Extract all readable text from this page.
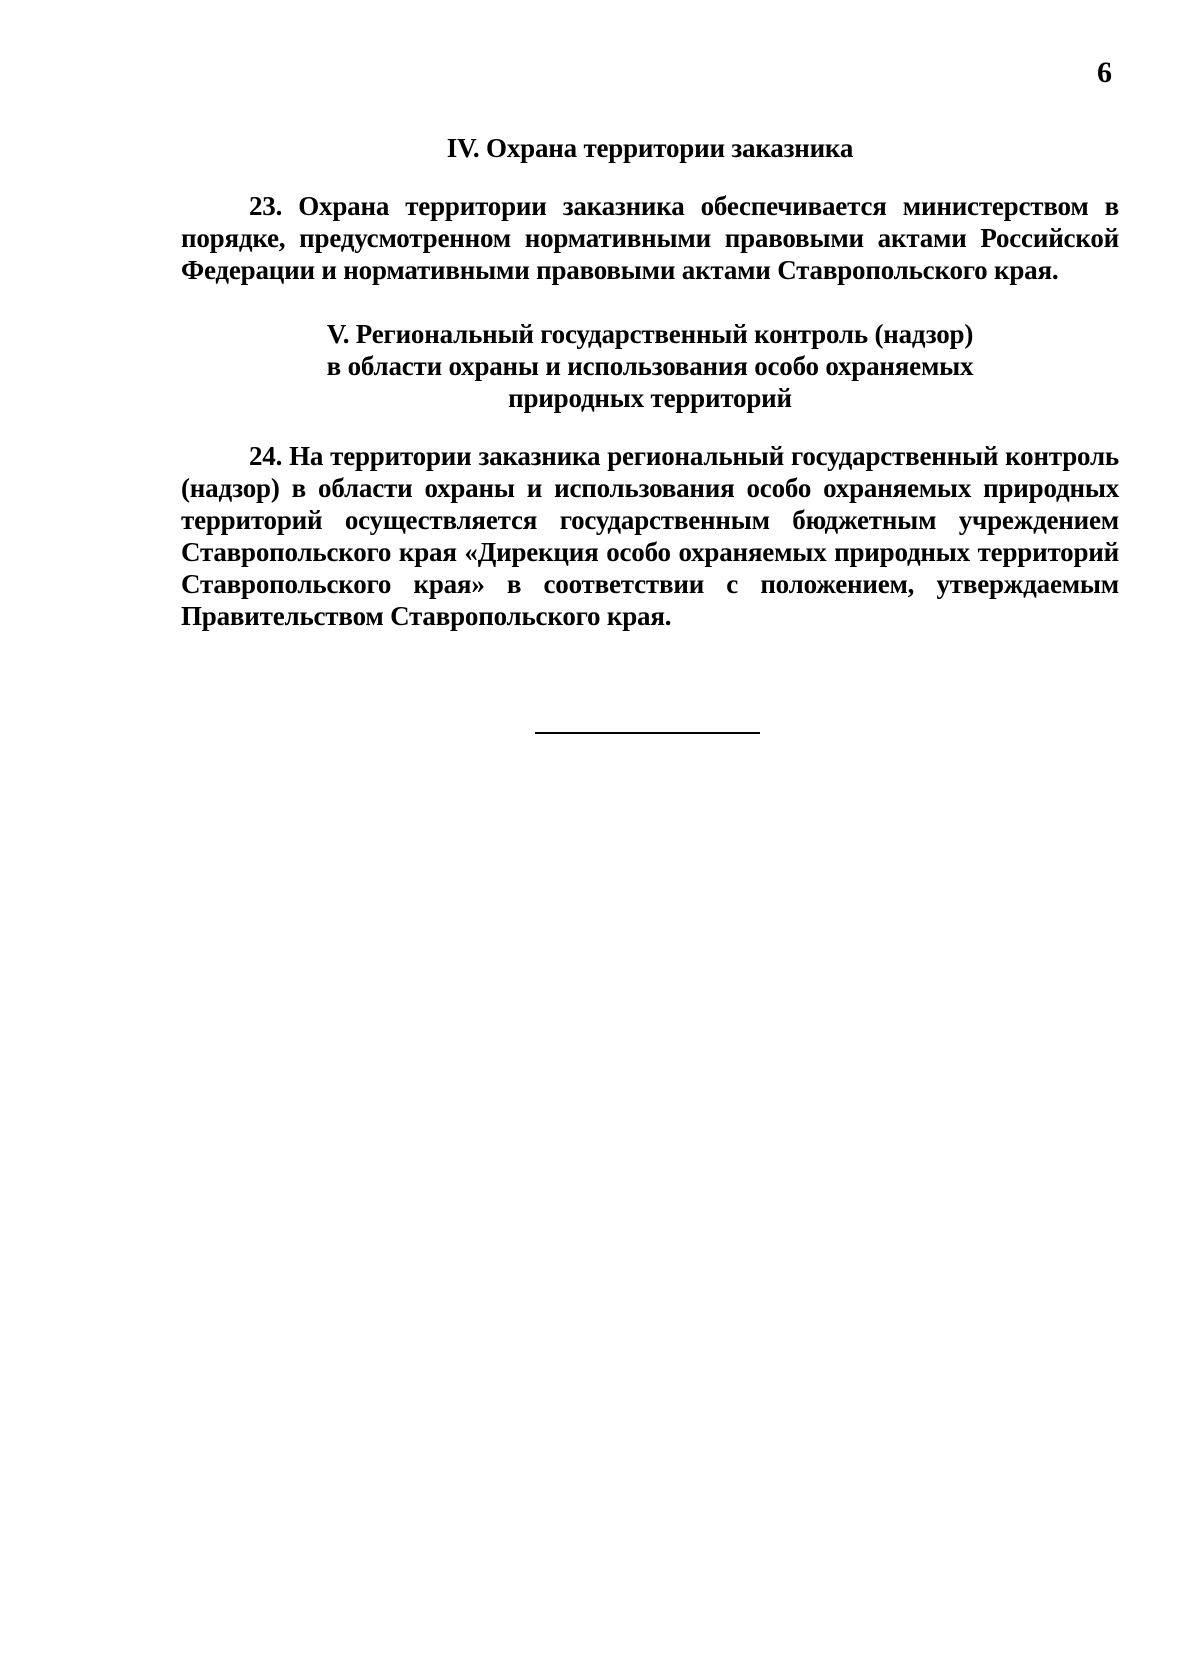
6

IV. Охрана территории заказника

23. Охрана территории заказника обеспечивается министерством в порядке, предусмотренном нормативными правовыми актами Российской Федерации и нормативными правовыми актами Ставропольского края.

V. Региональный государственный контроль (надзор)
в области охраны и использования особо охраняемых
природных территорий

24. На территории заказника региональный государственный контроль (надзор) в области охраны и использования особо охраняемых природных территорий осуществляется государственным бюджетным учреждением Ставропольского края «Дирекция особо охраняемых природных территорий Ставропольского края» в соответствии с положением, утверждаемым Правительством Ставропольского края.
